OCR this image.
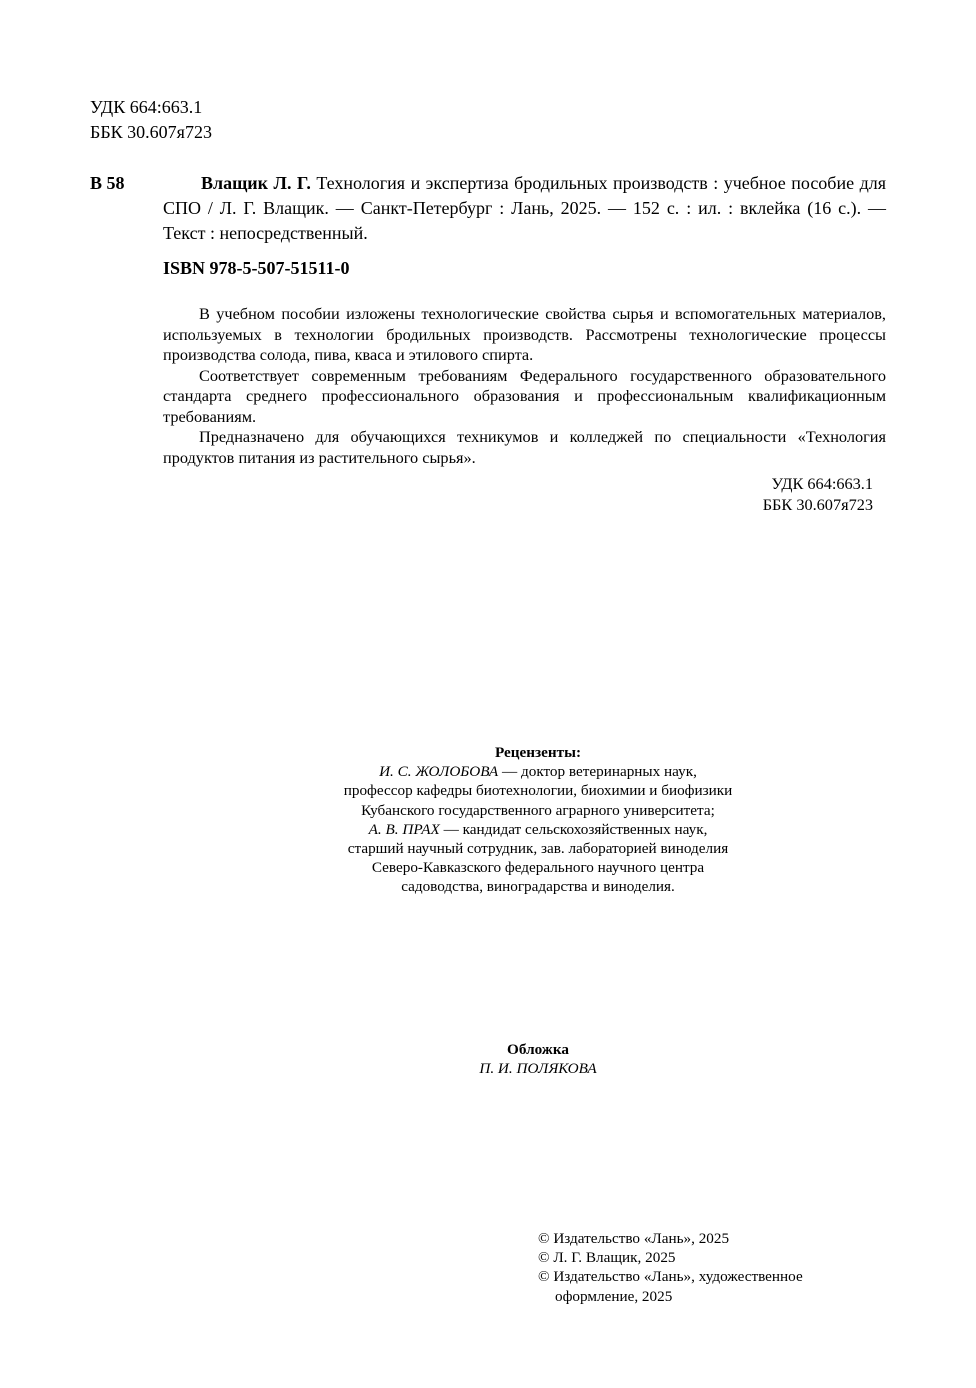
УДК 664:663.1
ББК 30.607я723
В 58	Влащик Л. Г. Технология и экспертиза бродильных производств : учебное пособие для СПО / Л. Г. Влащик. — Санкт-Петербург : Лань, 2025. — 152 с. : ил. : вклейка (16 с.). — Текст : непосредственный.
ISBN 978-5-507-51511-0

В учебном пособии изложены технологические свойства сырья и вспомогательных материалов, используемых в технологии бродильных производств. Рассмотрены технологические процессы производства солода, пива, кваса и этилового спирта.

Соответствует современным требованиям Федерального государственного образовательного стандарта среднего профессионального образования и профессиональным квалификационным требованиям.

Предназначено для обучающихся техникумов и колледжей по специальности «Технология продуктов питания из растительного сырья».

УДК 664:663.1
ББК 30.607я723
Рецензенты:
И. С. ЖОЛОБОВА — доктор ветеринарных наук,
профессор кафедры биотехнологии, биохимии и биофизики
Кубанского государственного аграрного университета;
А. В. ПРАХ — кандидат сельскохозяйственных наук,
старший научный сотрудник, зав. лабораторией виноделия
Северо-Кавказского федерального научного центра
садоводства, виноградарства и виноделия.
Обложка
П. И. ПОЛЯКОВА
© Издательство «Лань», 2025
© Л. Г. Влащик, 2025
© Издательство «Лань», художественное
оформление, 2025
